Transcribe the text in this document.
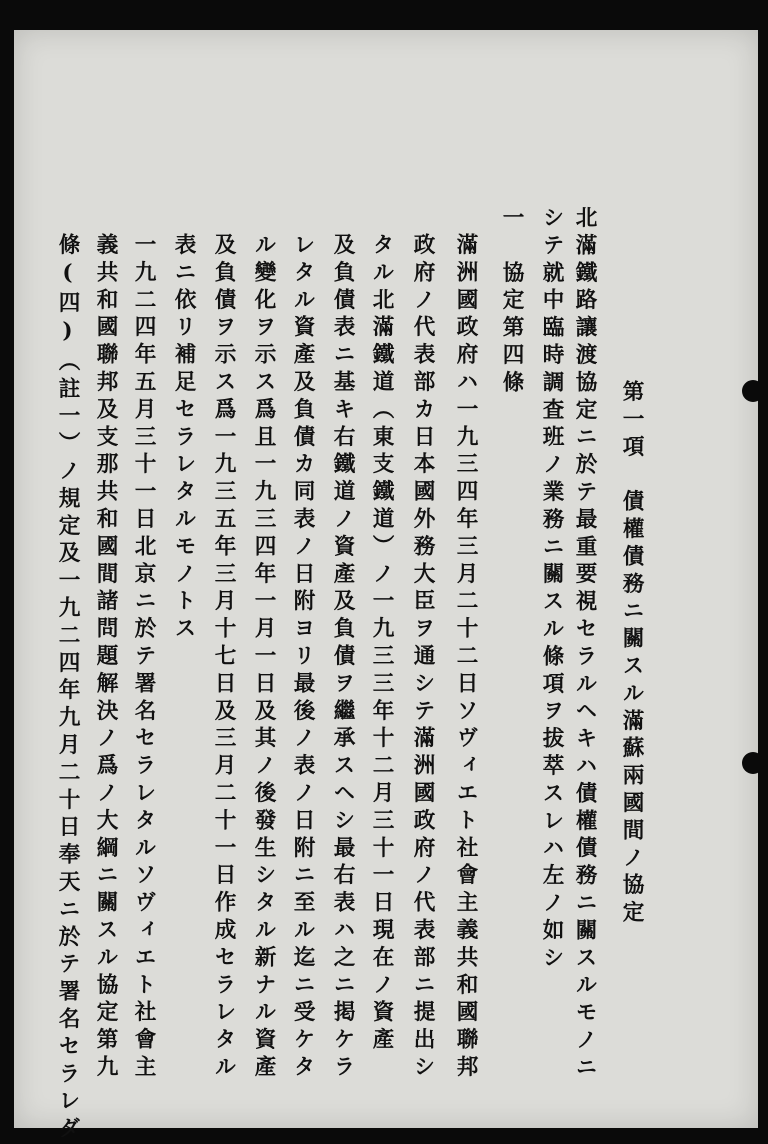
第一項　債權債務ニ關スル滿蘇兩國間ノ協定
北滿鐵路讓渡協定ニ於テ最重要視セラルヘキハ債權債務ニ關スルモノニ
シテ就中臨時調査班ノ業務ニ關スル條項ヲ拔萃スレハ左ノ如シ
一　協定第四條
滿洲國政府ハ一九三四年三月二十二日ソヴィエト社會主義共和國聯邦
政府ノ代表部カ日本國外務大臣ヲ通シテ滿洲國政府ノ代表部ニ提出シ
タル北滿鐵道（東支鐵道）ノ一九三三年十二月三十一日現在ノ資產
及負債表ニ基キ右鐵道ノ資產及負債ヲ繼承スヘシ最右表ハ之ニ掲ケラ
レタル資產及負債カ同表ノ日附ヨリ最後ノ表ノ日附ニ至ル迄ニ受ケタ
ル變化ヲ示ス爲且一九三四年一月一日及其ノ後發生シタル新ナル資產
及負債ヲ示ス爲一九三五年三月十七日及三月二十一日作成セラレタル
表ニ依リ補足セラレタルモノトス
一九二四年五月三十一日北京ニ於テ署名セラレタルソヴィエト社會主
義共和國聯邦及支那共和國間諸問題解決ノ爲ノ大綱ニ關スル協定第九
條(四)（註一）ノ規定及一九二四年九月二十日奉天ニ於テ署名セラレダ
